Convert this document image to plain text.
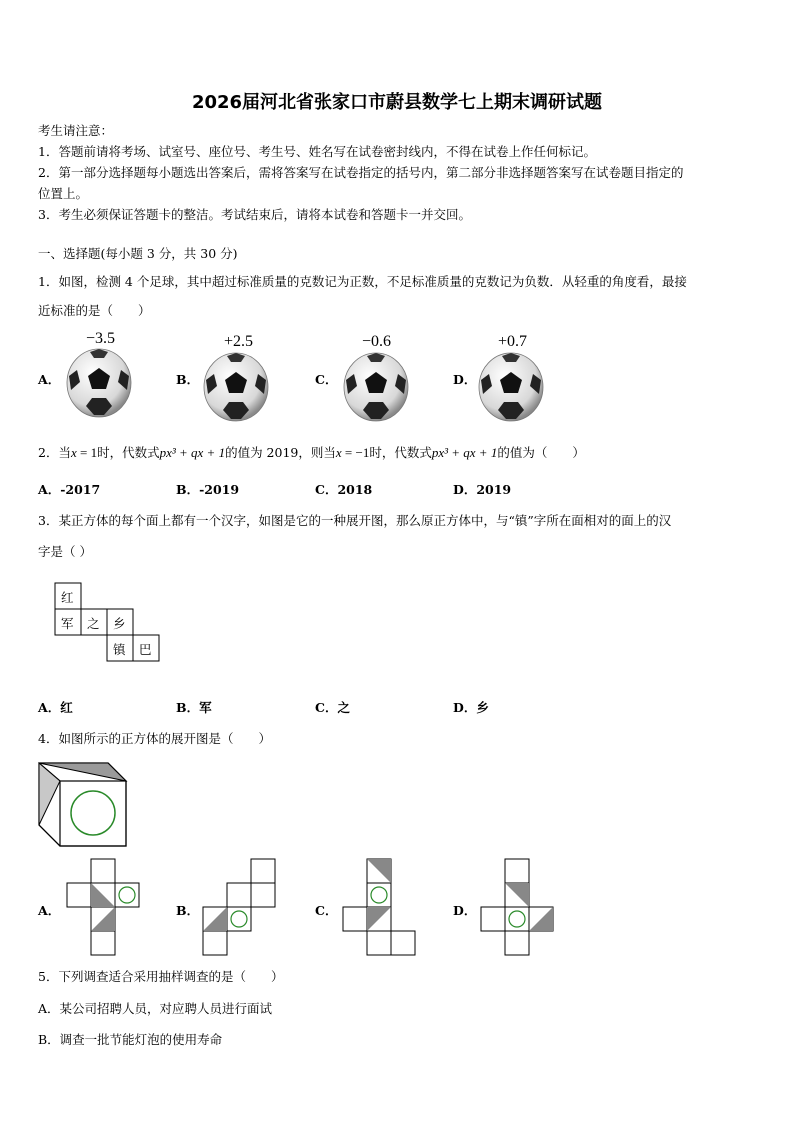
2026届河北省张家口市蔚县数学七上期末调研试题
考生请注意：
1．答题前请将考场、试室号、座位号、考生号、姓名写在试卷密封线内，不得在试卷上作任何标记。
2．第一部分选择题每小题选出答案后，需将答案写在试卷指定的括号内，第二部分非选择题答案写在试卷题目指定的
位置上。
3．考生必须保证答题卡的整洁。考试结束后，请将本试卷和答题卡一并交回。
一、选择题(每小题 3 分，共 30 分)
1．如图，检测 4 个足球，其中超过标准质量的克数记为正数，不足标准质量的克数记为负数．从轻重的角度看，最接
近标准的是（　　）
A．
−3.5
B．
+2.5
C．
−0.6
D．
+0.7
2．当x = 1时，代数式px³ + qx + 1的值为 2019，则当x = −1时，代数式px³ + qx + 1的值为（　　）
A．-2017	B．-2019	C．2018	D．2019
3．某正方体的每个面上都有一个汉字，如图是它的一种展开图，那么原正方体中，与“镇”字所在面相对的面上的汉
字是（ ）
红
军 之 乡
镇 巴
A．红	B．军	C．之	D．乡
4．如图所示的正方体的展开图是（　　）
A．	B．	C．	D．
5．下列调查适合采用抽样调查的是（　　）
A．某公司招聘人员，对应聘人员进行面试
B．调查一批节能灯泡的使用寿命
